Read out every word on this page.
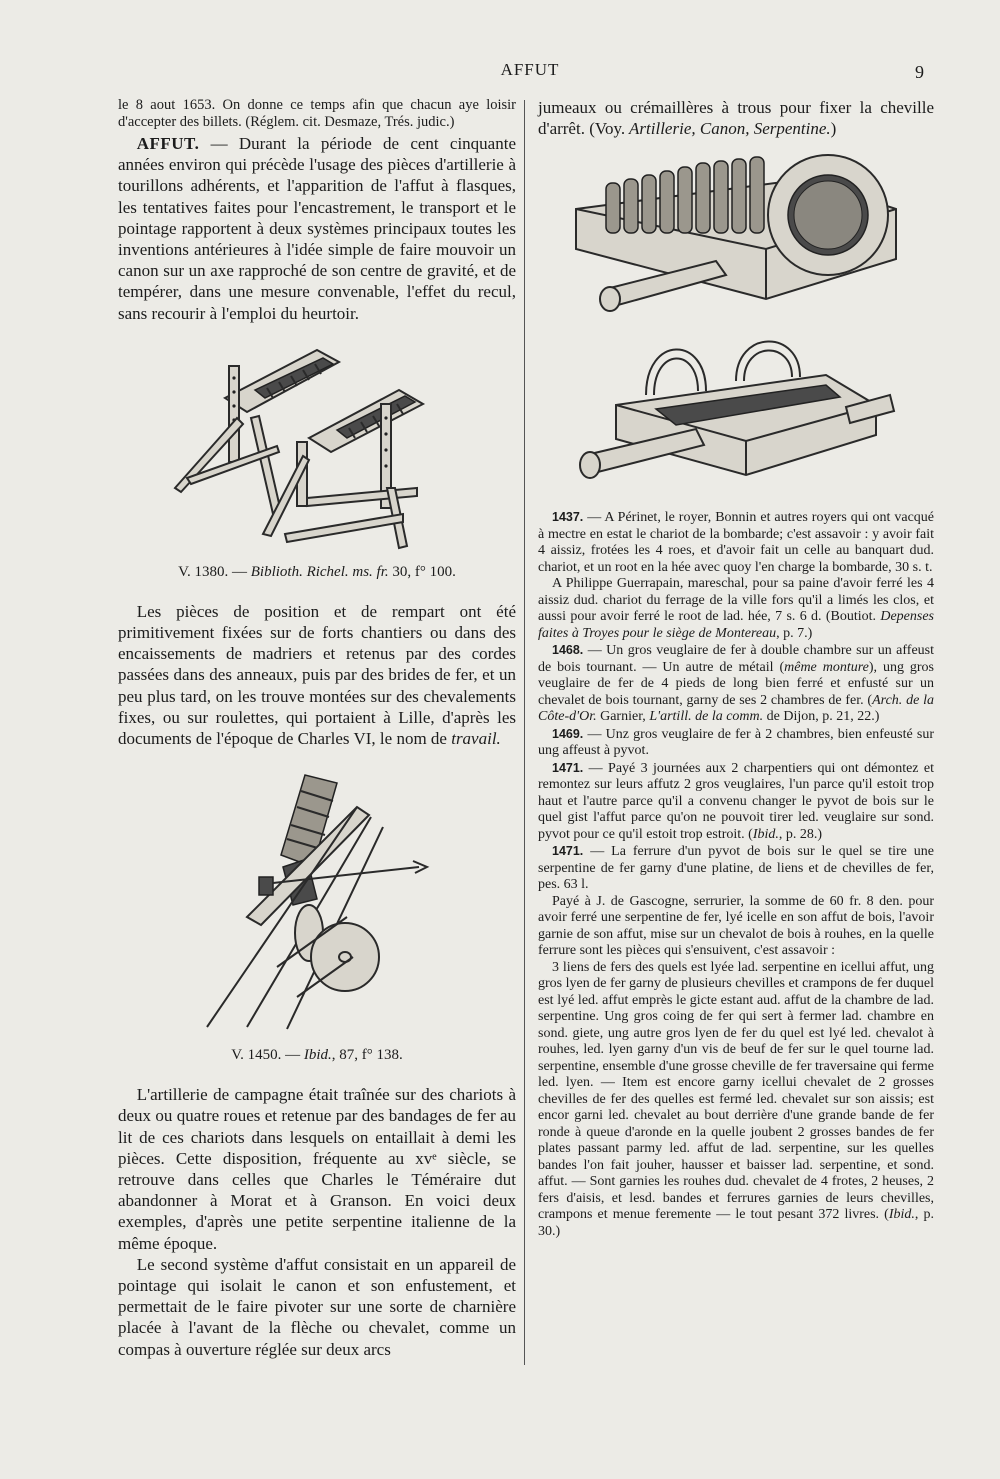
AFFUT	9

le 8 aout 1653. On donne ce temps afin que chacun aye loisir d'accepter des billets. (Réglem. cit. Desmaze, Trés. judic.)

AFFUT. — Durant la période de cent cinquante années environ qui précède l'usage des pièces d'artillerie à tourillons adhérents, et l'apparition de l'affut à flasques, les tentatives faites pour l'encastrement, le transport et le pointage rapportent à deux systèmes principaux toutes les inventions antérieures à l'idée simple de faire mouvoir un canon sur un axe rapproché de son centre de gravité, et de tempérer, dans une mesure convenable, l'effet du recul, sans recourir à l'emploi du heurtoir.

V. 1380. — Biblioth. Richel. ms. fr. 30, f° 100.

Les pièces de position et de rempart ont été primitivement fixées sur de forts chantiers ou dans des encaissements de madriers et retenus par des cordes passées dans des anneaux, puis par des brides de fer, et un peu plus tard, on les trouve montées sur des chevalements fixes, ou sur roulettes, qui portaient à Lille, d'après les documents de l'époque de Charles VI, le nom de travail.

V. 1450. — Ibid., 87, f° 138.

L'artillerie de campagne était traînée sur des chariots à deux ou quatre roues et retenue par des bandages de fer au lit de ces chariots dans lesquels on entaillait à demi les pièces. Cette disposition, fréquente au xvᵉ siècle, se retrouve dans celles que Charles le Téméraire dut abandonner à Morat et à Granson. En voici deux exemples, d'après une petite serpentine italienne de la même époque.

Le second système d'affut consistait en un appareil de pointage qui isolait le canon et son enfustement, et permettait de le faire pivoter sur une sorte de charnière placée à l'avant de la flèche ou chevalet, comme un compas à ouverture réglée sur deux arcs

jumeaux ou crémaillères à trous pour fixer la cheville d'arrêt. (Voy. Artillerie, Canon, Serpentine.)

1437. — A Périnet, le royer, Bonnin et autres royers qui ont vacqué à mectre en estat le chariot de la bombarde; c'est assavoir : y avoir fait 4 aissiz, frotées les 4 roes, et d'avoir fait un celle au banquart dud. chariot, et un root en la hée avec quoy l'en charge la bombarde, 30 s. t.

A Philippe Guerrapain, mareschal, pour sa paine d'avoir ferré les 4 aissiz dud. chariot du ferrage de la ville fors qu'il a limés les clos, et aussi pour avoir ferré le root de lad. hée, 7 s. 6 d. (Boutiot. Depenses faites à Troyes pour le siège de Montereau, p. 7.)

1468. — Un gros veuglaire de fer à double chambre sur un affeust de bois tournant. — Un autre de métail (même monture), ung gros veuglaire de fer de 4 pieds de long bien ferré et enfusté sur un chevalet de bois tournant, garny de ses 2 chambres de fer. (Arch. de la Côte-d'Or. Garnier, L'artill. de la comm. de Dijon, p. 21, 22.)

1469. — Unz gros veuglaire de fer à 2 chambres, bien enfeusté sur ung affeust à pyvot.

1471. — Payé 3 journées aux 2 charpentiers qui ont démontez et remontez sur leurs affutz 2 gros veuglaires, l'un parce qu'il estoit trop haut et l'autre parce qu'il a convenu changer le pyvot de bois sur le quel gist l'affut parce qu'on ne pouvoit tirer led. veuglaire sur sond. pyvot pour ce qu'il estoit trop estroit. (Ibid., p. 28.)

1471. — La ferrure d'un pyvot de bois sur le quel se tire une serpentine de fer garny d'une platine, de liens et de chevilles de fer, pes. 63 l.

Payé à J. de Gascogne, serrurier, la somme de 60 fr. 8 den. pour avoir ferré une serpentine de fer, lyé icelle en son affut de bois, l'avoir garnie de son affut, mise sur un chevalot de bois à rouhes, en la quelle ferrure sont les pièces qui s'ensuivent, c'est assavoir :

3 liens de fers des quels est lyée lad. serpentine en icellui affut, ung gros lyen de fer garny de plusieurs chevilles et crampons de fer duquel est lyé led. affut emprès le gicte estant aud. affut de la chambre de lad. serpentine. Ung gros coing de fer qui sert à fermer lad. chambre en sond. giete, ung autre gros lyen de fer du quel est lyé led. chevalot à rouhes, led. lyen garny d'un vis de beuf de fer sur le quel tourne lad. serpentine, ensemble d'une grosse cheville de fer traversaine qui ferme led. lyen. — Item est encore garny icellui chevalet de 2 grosses chevilles de fer des quelles est fermé led. chevalet sur son aissis; est encor garni led. chevalet au bout derrière d'une grande bande de fer ronde à queue d'aronde en la quelle joubent 2 grosses bandes de fer plates passant parmy led. affut de lad. serpentine, sur les quelles bandes l'on fait jouher, hausser et baisser lad. serpentine, et sond. affut. — Sont garnies les rouhes dud. chevalet de 4 frotes, 2 heuses, 2 fers d'aisis, et lesd. bandes et ferrures garnies de leurs chevilles, crampons et menue feremente — le tout pesant 372 livres. (Ibid., p. 30.)
